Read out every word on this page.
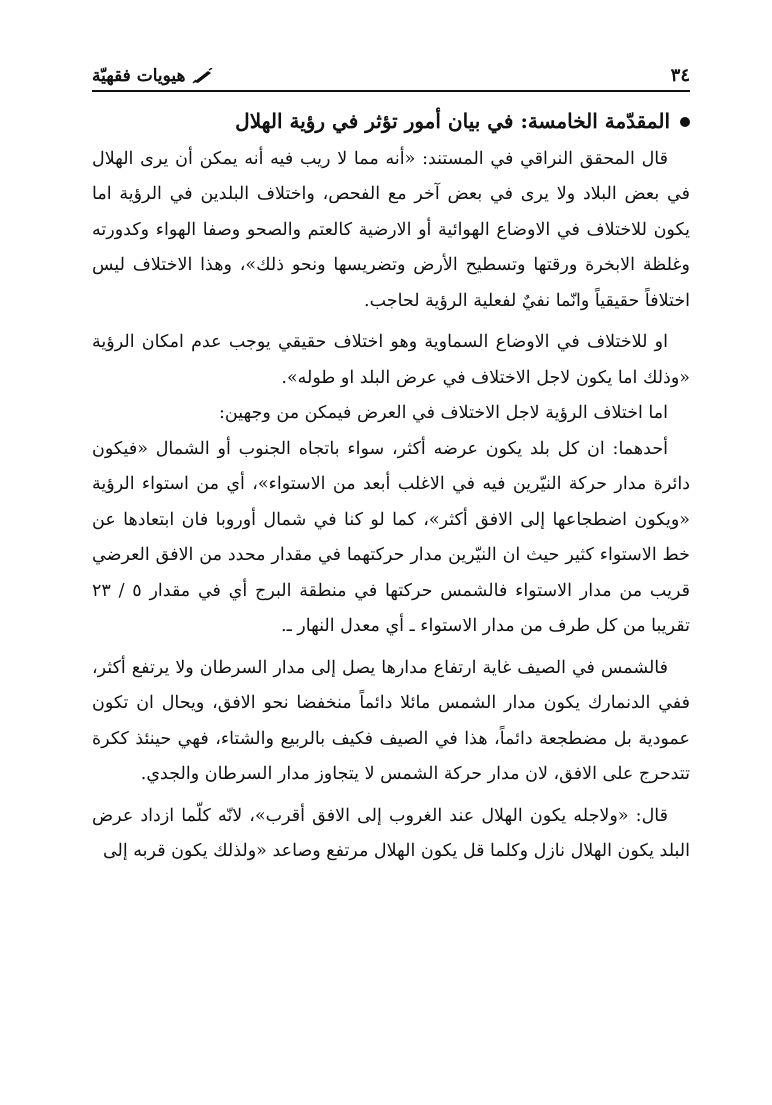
٣٤
هيويات فقهيّة

المقدّمة الخامسة: في بيان أمور تؤثر في رؤية الهلال

قال المحقق النراقي في المستند: «أنه مما لا ريب فيه أنه يمكن أن يرى الهلال في بعض البلاد ولا يرى في بعض آخر مع الفحص، واختلاف البلدين في الرؤية اما يكون للاختلاف في الاوضاع الهوائية أو الارضية كالعتم والصحو وصفا الهواء وكدورته وغلظة الابخرة ورقتها وتسطيح الأرض وتضريسها ونحو ذلك»، وهذا الاختلاف ليس اختلافاً حقيقياً وانّما نفيٌ لفعلية الرؤية لحاجب.

او للاختلاف في الاوضاع السماوية وهو اختلاف حقيقي يوجب عدم امكان الرؤية «وذلك اما يكون لاجل الاختلاف في عرض البلد او طوله».

اما اختلاف الرؤية لاجل الاختلاف في العرض فيمكن من وجهين:

أحدهما: ان كل بلد يكون عرضه أكثر، سواء باتجاه الجنوب أو الشمال «فيكون دائرة مدار حركة النيّرين فيه في الاغلب أبعد من الاستواء»، أي من استواء الرؤية «ويكون اضطجاعها إلى الافق أكثر»، كما لو كنا في شمال أوروبا فان ابتعادها عن خط الاستواء كثير حيث ان النيّرين مدار حركتهما في مقدار محدد من الافق العرضي قريب من مدار الاستواء فالشمس حركتها في منطقة البرج أي في مقدار ٥ / ٢٣ تقريبا من كل طرف من مدار الاستواء ـ أي معدل النهار ـ.

فالشمس في الصيف غاية ارتفاع مدارها يصل إلى مدار السرطان ولا يرتفع أكثر، ففي الدنمارك يكون مدار الشمس مائلا دائماً منخفضا نحو الافق، ويحال ان تكون عمودية بل مضطجعة دائماً، هذا في الصيف فكيف بالربيع والشتاء، فهي حينئذ ككرة تتدحرج على الافق، لان مدار حركة الشمس لا يتجاوز مدار السرطان والجدي.

قال: «ولاجله يكون الهلال عند الغروب إلى الافق أقرب»، لانّه كلّما ازداد عرض البلد يكون الهلال نازل وكلما قل يكون الهلال مرتفع وصاعد «ولذلك يكون قربه إلى
